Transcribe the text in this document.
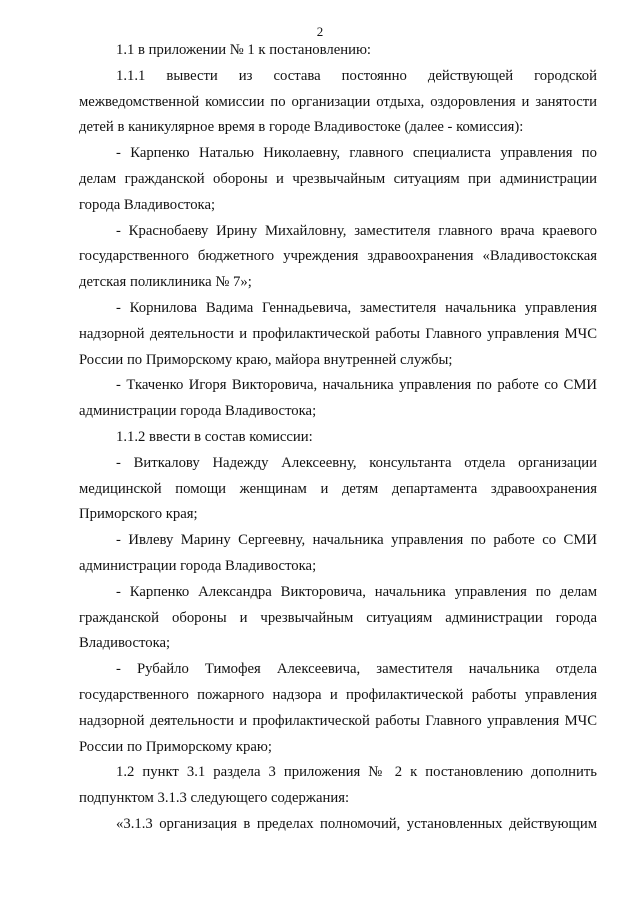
2

1.1 в приложении № 1 к постановлению:

1.1.1 вывести из состава постоянно действующей городской межведомственной комиссии по организации отдыха, оздоровления и занятости детей в каникулярное время в городе Владивостоке (далее - комиссия):

- Карпенко Наталью Николаевну, главного специалиста управления по делам гражданской обороны и чрезвычайным ситуациям при администрации города Владивостока;

- Краснобаеву Ирину Михайловну, заместителя главного врача краевого государственного бюджетного учреждения здравоохранения «Владивостокская детская поликлиника № 7»;

- Корнилова Вадима Геннадьевича, заместителя начальника управления надзорной деятельности и профилактической работы Главного управления МЧС России по Приморскому краю, майора внутренней службы;

- Ткаченко Игоря Викторовича, начальника управления по работе со СМИ администрации города Владивостока;

1.1.2 ввести в состав комиссии:

- Виткалову Надежду Алексеевну, консультанта отдела организации медицинской помощи женщинам и детям департамента здравоохранения Приморского края;

- Ивлеву Марину Сергеевну, начальника управления по работе со СМИ администрации города Владивостока;

- Карпенко Александра Викторовича, начальника управления по делам гражданской обороны и чрезвычайным ситуациям администрации города Владивостока;

- Рубайло Тимофея Алексеевича, заместителя начальника отдела государственного пожарного надзора и профилактической работы управления надзорной деятельности и профилактической работы Главного управления МЧС России по Приморскому краю;

1.2 пункт 3.1 раздела 3 приложения № 2 к постановлению дополнить подпунктом 3.1.3 следующего содержания:

«3.1.3 организация в пределах полномочий, установленных действующим
